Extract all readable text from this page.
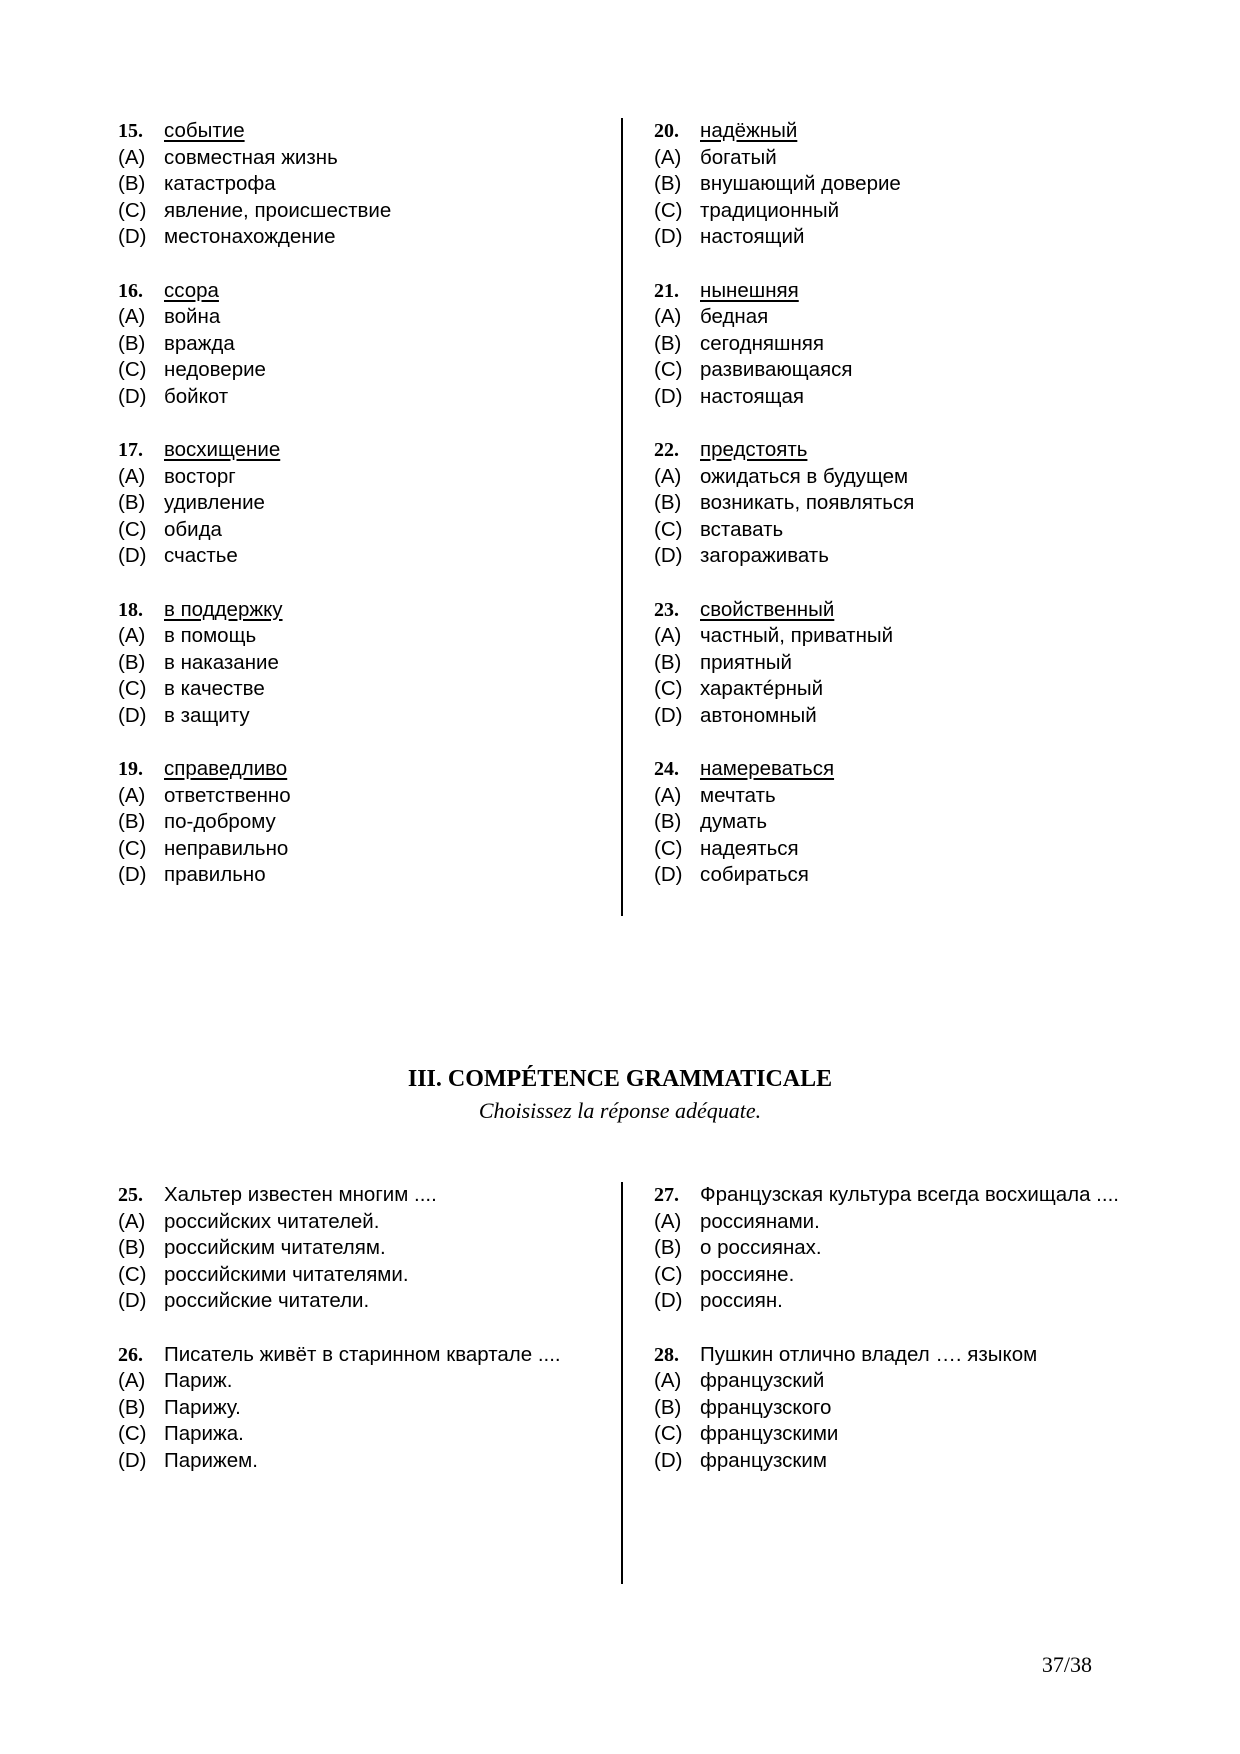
15.	событие
(A) совместная жизнь
(B) катастрофа
(C) явление, происшествие
(D) местонахождение
16.	ссора
(A) война
(B) вражда
(C) недоверие
(D) бойкот
17.	восхищение
(A) восторг
(B) удивление
(C) обида
(D) счастье
18.	в поддержку
(A) в помощь
(B) в наказание
(C) в качестве
(D) в защиту
19.	справедливо
(A) ответственно
(B) по-доброму
(C) неправильно
(D) правильно
20.	надёжный
(A) богатый
(B) внушающий доверие
(C) традиционный
(D) настоящий
21.	нынешняя
(A) бедная
(B) сегодняшняя
(C) развивающаяся
(D) настоящая
22.	предстоять
(A) ожидаться в будущем
(B) возникать, появляться
(C) вставать
(D) загораживать
23.	свойственный
(A) частный, приватный
(B) приятный
(C) характéрный
(D) автономный
24.	намереваться
(A) мечтать
(B) думать
(C) надеяться
(D) собираться
III. COMPÉTENCE GRAMMATICALE
Choisissez la réponse adéquate.
25.	Хальтер известен многим ....
(A) российских читателей.
(B) российским читателям.
(C) российскими читателями.
(D) российские читатели.
26.	Писатель живёт в старинном квартале ....
(A) Париж.
(B) Парижу.
(C) Парижа.
(D) Парижем.
27.	Французская культура всегда восхищала ....
(A) россиянами.
(B) о россиянах.
(C) россияне.
(D) россиян.
28.	Пушкин отлично владел …. языком
(A) французский
(B) французского
(C) французскими
(D) французским
37/38
